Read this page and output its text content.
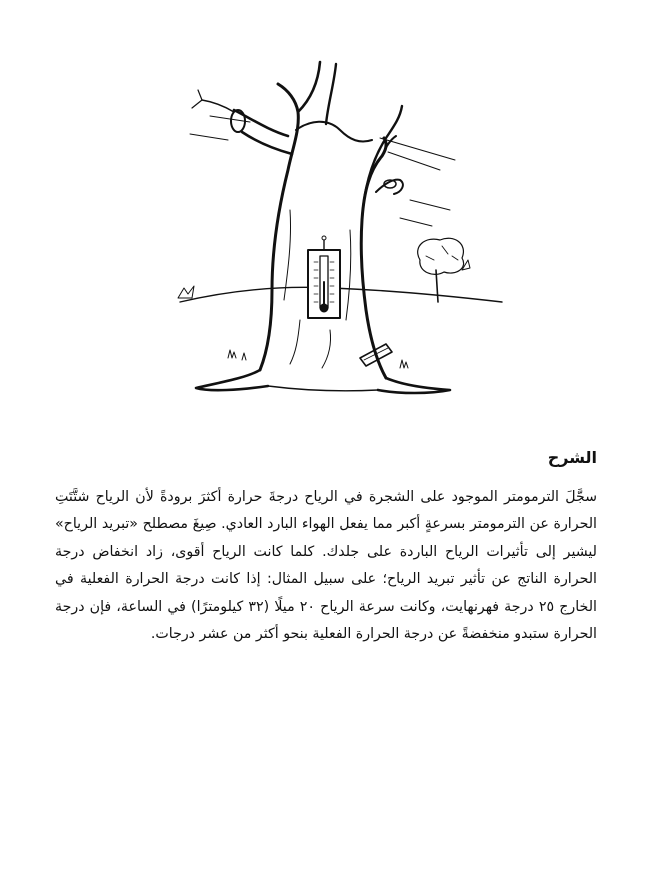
الشرح

سجَّلَ الترمومتر الموجود على الشجرة في الرياح درجةَ حرارة أكثرَ برودةً لأن الرياح شتَّتَتِ الحرارة عن الترمومتر بسرعةٍ أكبر مما يفعل الهواء البارد العادي. صِيغَ مصطلح «تبريد الرياح» ليشير إلى تأثيرات الرياح الباردة على جلدك. كلما كانت الرياح أقوى، زاد انخفاض درجة الحرارة الناتج عن تأثير تبريد الرياح؛ على سبيل المثال: إذا كانت درجة الحرارة الفعلية في الخارج ٢٥ درجة فهرنهايت، وكانت سرعة الرياح ٢٠ ميلًا (٣٢ كيلومترًا) في الساعة، فإن درجة الحرارة ستبدو منخفضةً عن درجة الحرارة الفعلية بنحو أكثر من عشر درجات.
